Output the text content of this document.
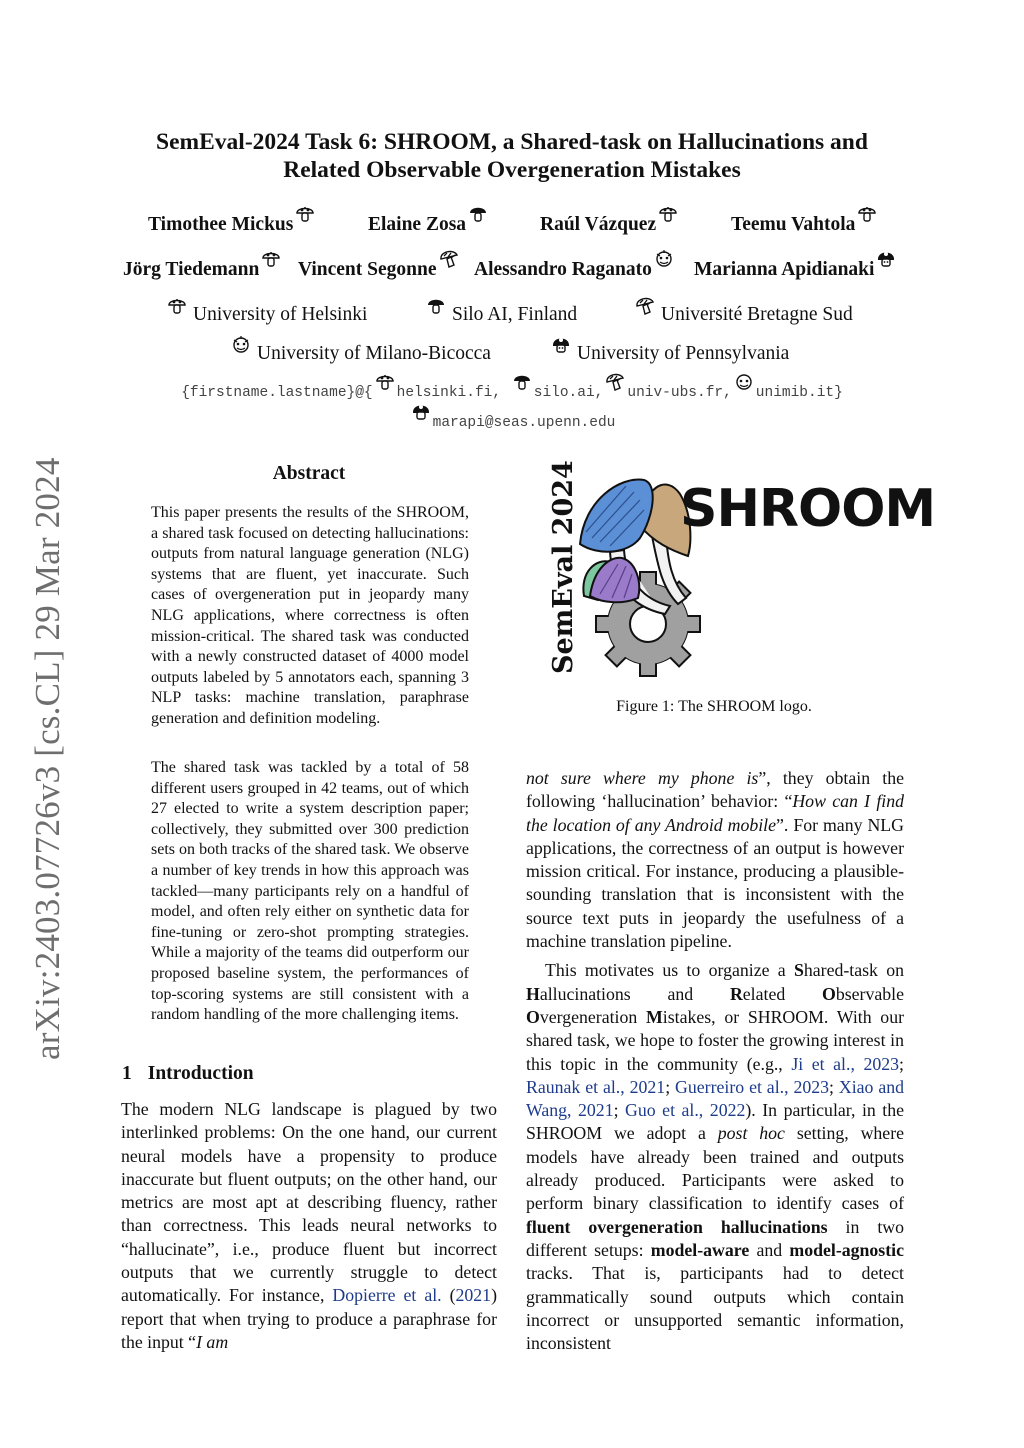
arXiv:2403.07726v3 [cs.CL] 29 Mar 2024
SemEval-2024 Task 6: SHROOM, a Shared-task on Hallucinations and
Related Observable Overgeneration Mistakes
Timothee Mickus	Elaine Zosa	Raúl Vázquez	Teemu Vahtola
Jörg Tiedemann	Vincent Segonne	Alessandro Raganato	Marianna Apidianaki
University of Helsinki	Silo AI, Finland	Université Bretagne Sud
University of Milano-Bicocca	University of Pennsylvania
{firstname.lastname}@{ helsinki.fi, silo.ai, univ-ubs.fr, unimib.it}
marapi@seas.upenn.edu
Abstract
This paper presents the results of the SHROOM, a shared task focused on detecting hallucinations: outputs from natural language generation (NLG) systems that are fluent, yet inaccurate. Such cases of overgeneration put in jeopardy many NLG applications, where correctness is often mission-critical. The shared task was conducted with a newly constructed dataset of 4000 model outputs labeled by 5 annotators each, spanning 3 NLP tasks: machine translation, paraphrase generation and definition modeling.
The shared task was tackled by a total of 58 different users grouped in 42 teams, out of which 27 elected to write a system description paper; collectively, they submitted over 300 prediction sets on both tracks of the shared task. We observe a number of key trends in how this approach was tackled—many participants rely on a handful of model, and often rely either on synthetic data for fine-tuning or zero-shot prompting strategies. While a majority of the teams did outperform our proposed baseline system, the performances of top-scoring systems are still consistent with a random handling of the more challenging items.
1 Introduction

The modern NLG landscape is plagued by two interlinked problems: On the one hand, our current neural models have a propensity to produce inaccurate but fluent outputs; on the other hand, our metrics are most apt at describing fluency, rather than correctness. This leads neural networks to “hallucinate”, i.e., produce fluent but incorrect outputs that we currently struggle to detect automatically. For instance, Dopierre et al. (2021) report that when trying to produce a paraphrase for the input “I am

SemEval 2024 SHROOM
Figure 1: The SHROOM logo.

not sure where my phone is”, they obtain the following ‘hallucination’ behavior: “How can I find the location of any Android mobile”. For many NLG applications, the correctness of an output is however mission critical. For instance, producing a plausible-sounding translation that is inconsistent with the source text puts in jeopardy the usefulness of a machine translation pipeline.

This motivates us to organize a Shared-task on Hallucinations and Related Observable Overgeneration Mistakes, or SHROOM. With our shared task, we hope to foster the growing interest in this topic in the community (e.g., Ji et al., 2023; Raunak et al., 2021; Guerreiro et al., 2023; Xiao and Wang, 2021; Guo et al., 2022). In particular, in the SHROOM we adopt a post hoc setting, where models have already been trained and outputs already produced. Participants were asked to perform binary classification to identify cases of fluent overgeneration hallucinations in two different setups: model-aware and model-agnostic tracks. That is, participants had to detect grammatically sound outputs which contain incorrect or unsupported semantic information, inconsistent
